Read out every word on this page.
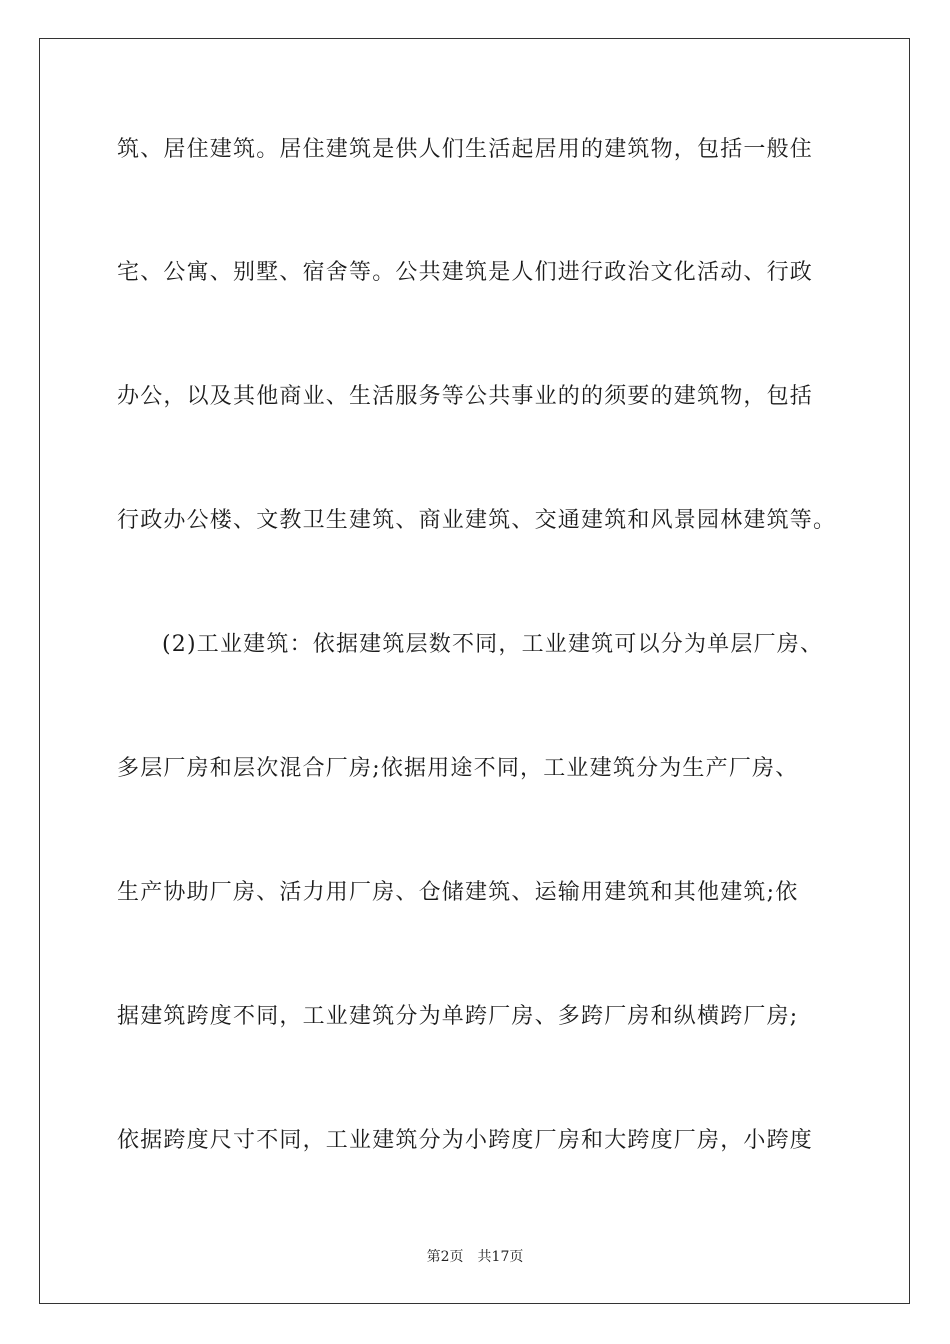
筑、居住建筑。居住建筑是供人们生活起居用的建筑物，包括一般住
宅、公寓、别墅、宿舍等。公共建筑是人们进行政治文化活动、行政
办公，以及其他商业、生活服务等公共事业的的须要的建筑物，包括
行政办公楼、文教卫生建筑、商业建筑、交通建筑和风景园林建筑等。
(2)工业建筑：依据建筑层数不同，工业建筑可以分为单层厂房、
多层厂房和层次混合厂房;依据用途不同，工业建筑分为生产厂房、
生产协助厂房、活力用厂房、仓储建筑、运输用建筑和其他建筑;依
据建筑跨度不同，工业建筑分为单跨厂房、多跨厂房和纵横跨厂房;
依据跨度尺寸不同，工业建筑分为小跨度厂房和大跨度厂房，小跨度
第2页 共17页
